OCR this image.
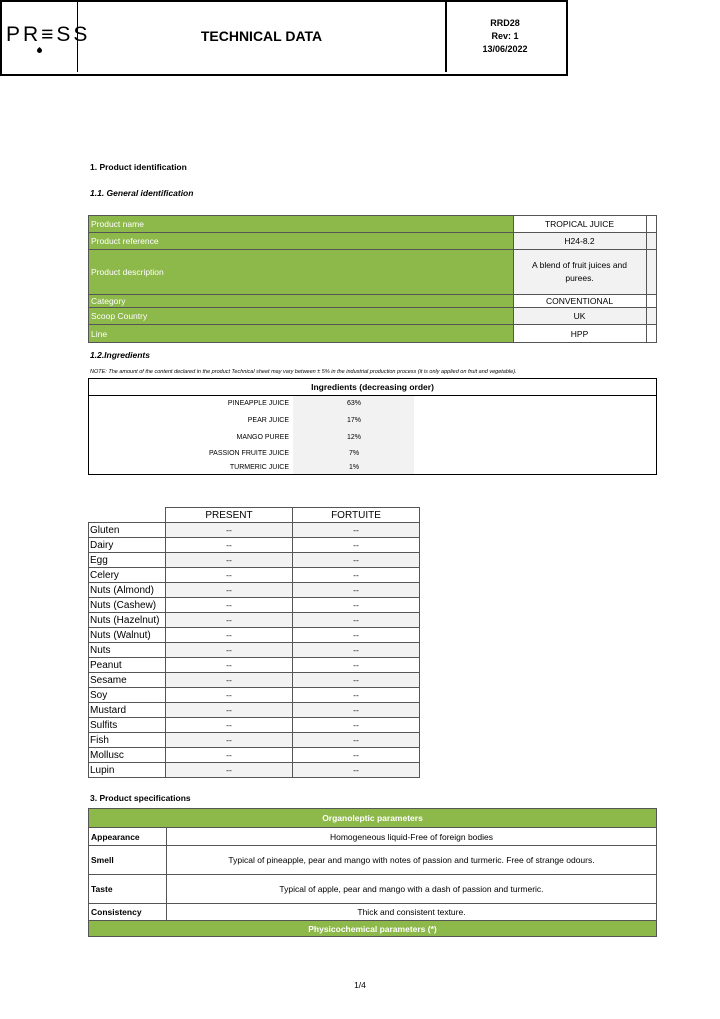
PR≡SS	TECHNICAL DATA
RRD28
Rev: 1
13/06/2022
1. Product identification
1.1. General identification
Product name	TROPICAL JUICE	
Product reference	H24-8.2	
Product description	A blend of fruit juices and purees.	
Category	CONVENTIONAL	
Scoop Country	UK	
Line	HPP	
1.2.Ingredients
NOTE: The amount of the content declared in the product Technical sheet may vary between ± 5% in the industrial production process (it is only applied on fruit and vegetable).
Ingredients (decreasing order)
PINEAPPLE JUICE	63%
PEAR JUICE	17%
MANGO PUREE	12%
PASSION FRUITE JUICE	7%
TURMERIC JUICE	1%
	PRESENT	FORTUITE
Gluten	--	--
Dairy	--	--
Egg	--	--
Celery	--	--
Nuts (Almond)	--	--
Nuts (Cashew)	--	--
Nuts (Hazelnut)	--	--
Nuts (Walnut)	--	--
Nuts	--	--
Peanut	--	--
Sesame	--	--
Soy	--	--
Mustard	--	--
Sulfits	--	--
Fish	--	--
Mollusc	--	--
Lupin	--	--
3. Product specifications
Organoleptic parameters	
Appearance	Homogeneous liquid-Free of foreign bodies
Smell	Typical of pineapple, pear and mango with notes of passion and turmeric. Free of strange odours.
Taste	Typical of apple, pear and mango with a dash of passion and turmeric.
Consistency	Thick and consistent texture.
Physicochemical parameters (*)	
1/4
